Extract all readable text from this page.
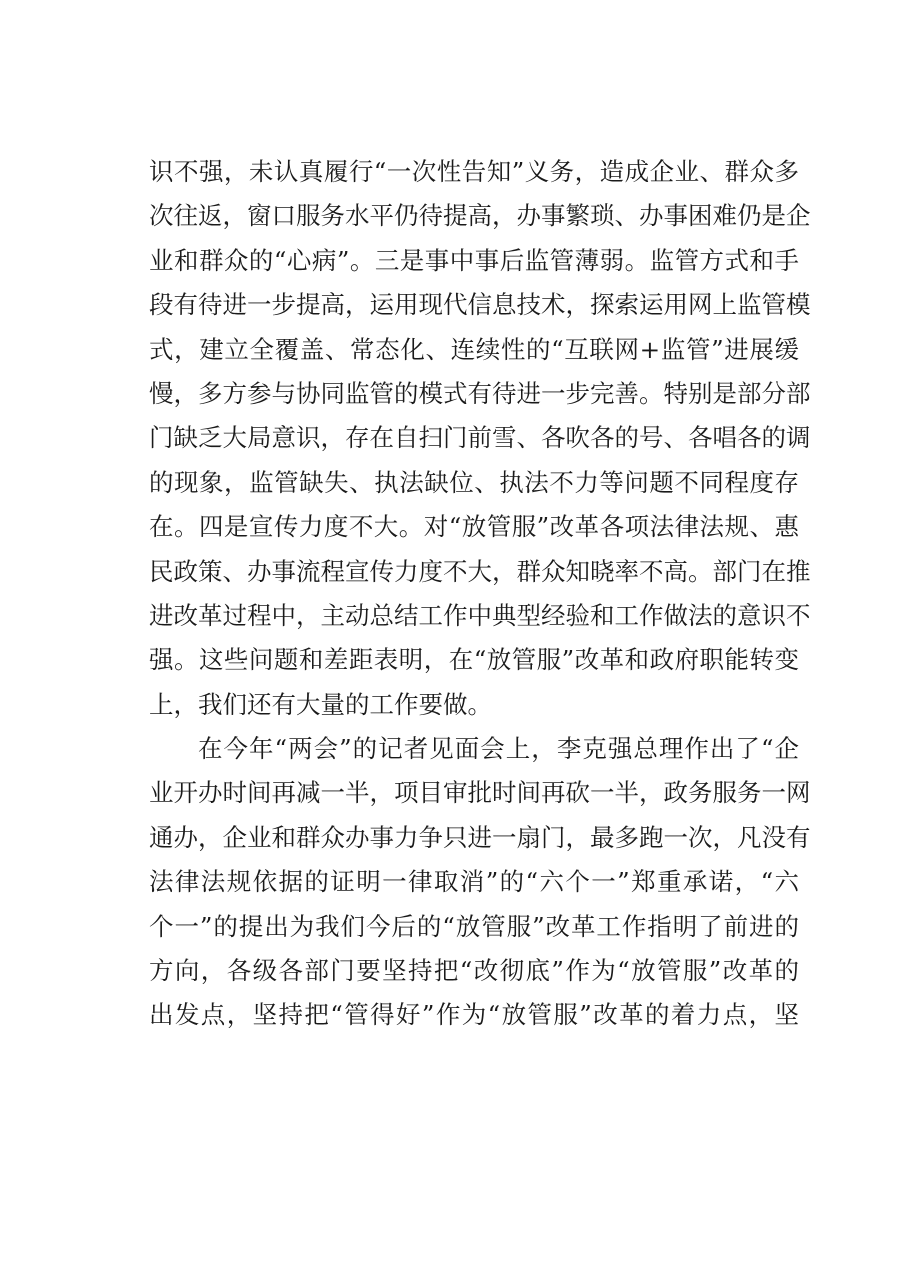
识不强，未认真履行“一次性告知”义务，造成企业、群众多
次往返，窗口服务水平仍待提高，办事繁琐、办事困难仍是企
业和群众的“心病”。三是事中事后监管薄弱。监管方式和手
段有待进一步提高，运用现代信息技术，探索运用网上监管模
式，建立全覆盖、常态化、连续性的“互联网+监管”进展缓
慢，多方参与协同监管的模式有待进一步完善。特别是部分部
门缺乏大局意识，存在自扫门前雪、各吹各的号、各唱各的调
的现象，监管缺失、执法缺位、执法不力等问题不同程度存
在。四是宣传力度不大。对“放管服”改革各项法律法规、惠
民政策、办事流程宣传力度不大，群众知晓率不高。部门在推
进改革过程中，主动总结工作中典型经验和工作做法的意识不
强。这些问题和差距表明，在“放管服”改革和政府职能转变
上，我们还有大量的工作要做。
在今年“两会”的记者见面会上，李克强总理作出了“企
业开办时间再减一半，项目审批时间再砍一半，政务服务一网
通办，企业和群众办事力争只进一扇门，最多跑一次，凡没有
法律法规依据的证明一律取消”的“六个一”郑重承诺，“六
个一”的提出为我们今后的“放管服”改革工作指明了前进的
方向，各级各部门要坚持把“改彻底”作为“放管服”改革的
出发点，坚持把“管得好”作为“放管服”改革的着力点，坚
